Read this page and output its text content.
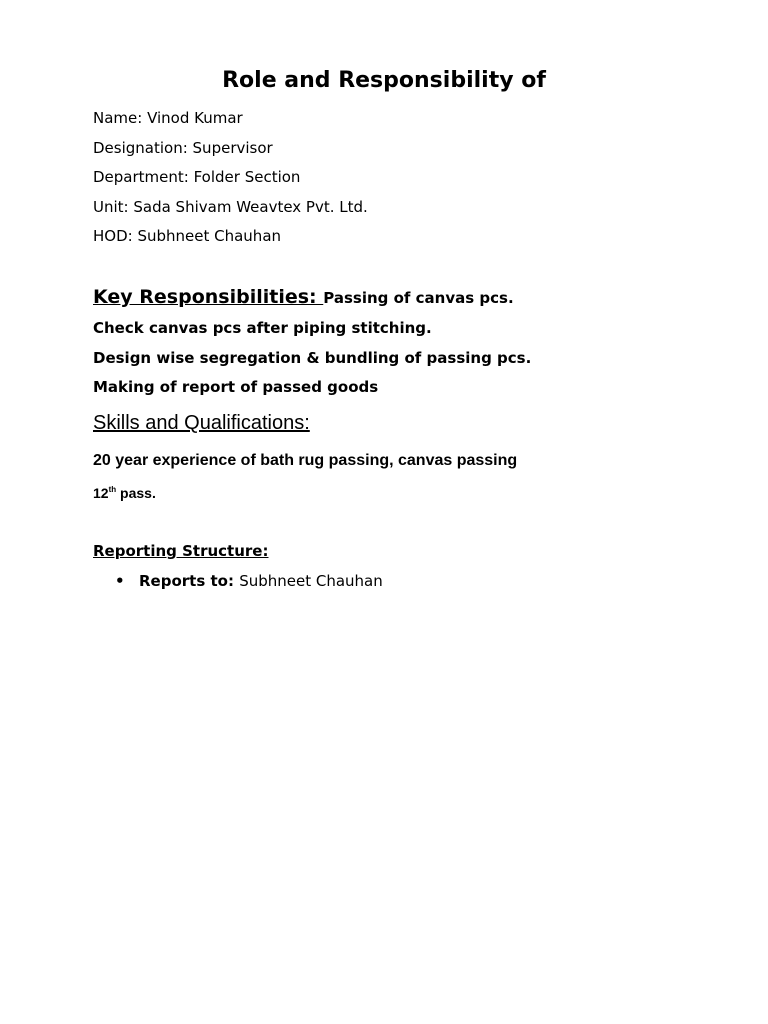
Role and Responsibility of
Name: Vinod Kumar
Designation: Supervisor
Department: Folder Section
Unit: Sada Shivam Weavtex Pvt. Ltd.
HOD: Subhneet Chauhan
Key Responsibilities: Passing of canvas pcs.
Check canvas pcs after piping stitching.
Design wise segregation & bundling of passing pcs.
Making of report of passed goods
Skills and Qualifications:
20 year experience of bath rug passing, canvas passing
12th pass.
Reporting Structure:
• Reports to: Subhneet Chauhan
